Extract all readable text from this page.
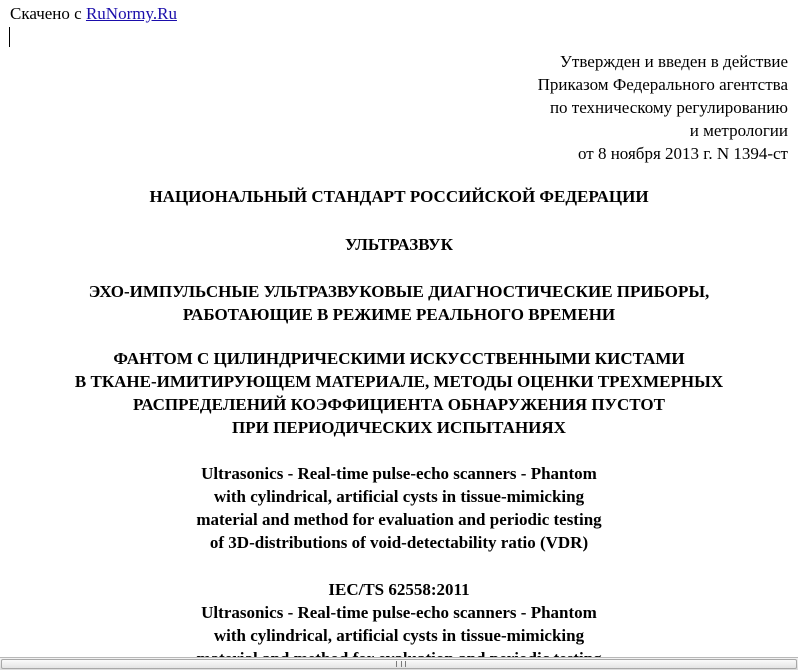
Скачено с RuNormy.Ru
Утвержден и введен в действие
Приказом Федерального агентства
по техническому регулированию
и метрологии
от 8 ноября 2013 г. N 1394-ст
НАЦИОНАЛЬНЫЙ СТАНДАРТ РОССИЙСКОЙ ФЕДЕРАЦИИ
УЛЬТРАЗВУК
ЭХО-ИМПУЛЬСНЫЕ УЛЬТРАЗВУКОВЫЕ ДИАГНОСТИЧЕСКИЕ ПРИБОРЫ,
РАБОТАЮЩИЕ В РЕЖИМЕ РЕАЛЬНОГО ВРЕМЕНИ
ФАНТОМ С ЦИЛИНДРИЧЕСКИМИ ИСКУССТВЕННЫМИ КИСТАМИ
В ТКАНЕ-ИМИТИРУЮЩЕМ МАТЕРИАЛЕ, МЕТОДЫ ОЦЕНКИ ТРЕХМЕРНЫХ
РАСПРЕДЕЛЕНИЙ КОЭФФИЦИЕНТА ОБНАРУЖЕНИЯ ПУСТОТ
ПРИ ПЕРИОДИЧЕСКИХ ИСПЫТАНИЯХ
Ultrasonics - Real-time pulse-echo scanners - Phantom
with cylindrical, artificial cysts in tissue-mimicking
material and method for evaluation and periodic testing
of 3D-distributions of void-detectability ratio (VDR)
IEC/TS 62558:2011
Ultrasonics - Real-time pulse-echo scanners - Phantom
with cylindrical, artificial cysts in tissue-mimicking
